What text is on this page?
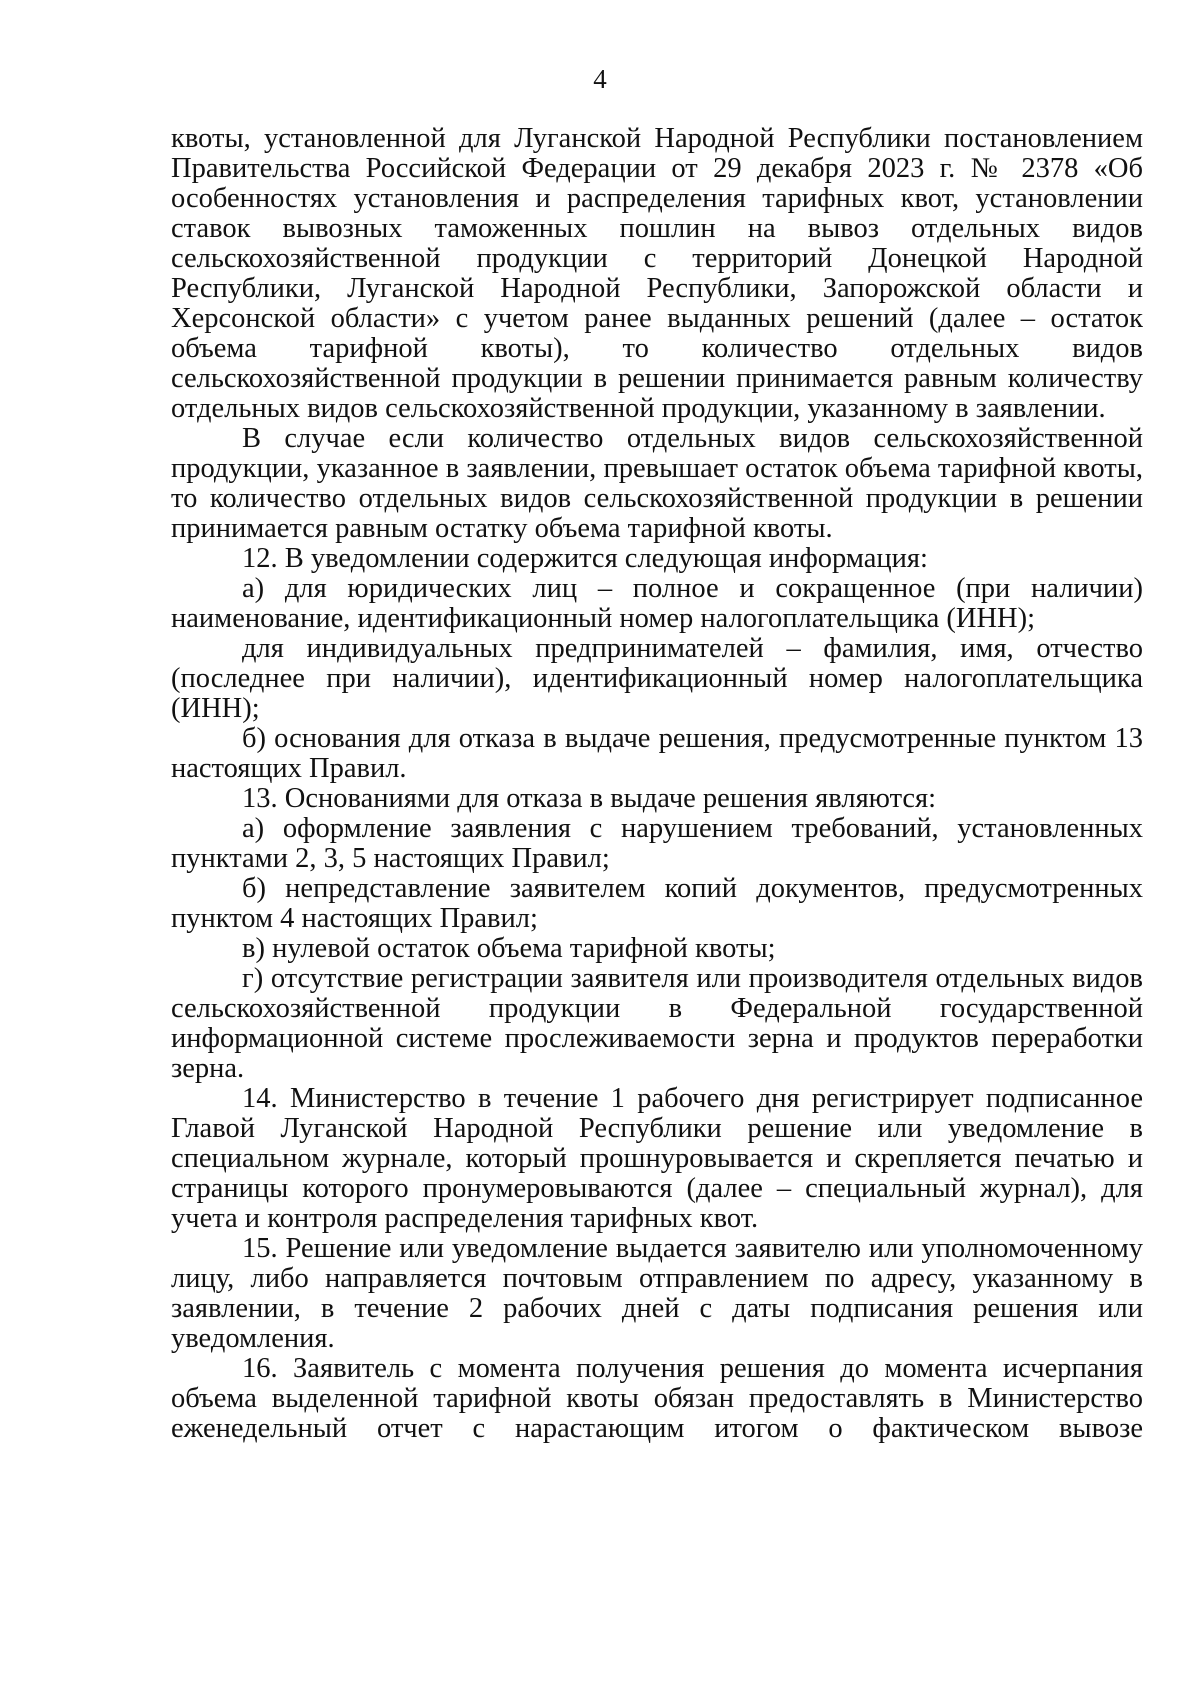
4

квоты, установленной для Луганской Народной Республики постановлением Правительства Российской Федерации от 29 декабря 2023 г. № 2378 «Об особенностях установления и распределения тарифных квот, установлении ставок вывозных таможенных пошлин на вывоз отдельных видов сельскохозяйственной продукции с территорий Донецкой Народной Республики, Луганской Народной Республики, Запорожской области и Херсонской области» с учетом ранее выданных решений (далее – остаток объема тарифной квоты), то количество отдельных видов сельскохозяйственной продукции в решении принимается равным количеству отдельных видов сельскохозяйственной продукции, указанному в заявлении.

В случае если количество отдельных видов сельскохозяйственной продукции, указанное в заявлении, превышает остаток объема тарифной квоты, то количество отдельных видов сельскохозяйственной продукции в решении принимается равным остатку объема тарифной квоты.

12. В уведомлении содержится следующая информация:

а) для юридических лиц – полное и сокращенное (при наличии) наименование, идентификационный номер налогоплательщика (ИНН);

для индивидуальных предпринимателей – фамилия, имя, отчество (последнее при наличии), идентификационный номер налогоплательщика (ИНН);

б) основания для отказа в выдаче решения, предусмотренные пунктом 13 настоящих Правил.

13. Основаниями для отказа в выдаче решения являются:

а) оформление заявления с нарушением требований, установленных пунктами 2, 3, 5 настоящих Правил;

б) непредставление заявителем копий документов, предусмотренных пунктом 4 настоящих Правил;

в) нулевой остаток объема тарифной квоты;

г) отсутствие регистрации заявителя или производителя отдельных видов сельскохозяйственной продукции в Федеральной государственной информационной системе прослеживаемости зерна и продуктов переработки зерна.

14. Министерство в течение 1 рабочего дня регистрирует подписанное Главой Луганской Народной Республики решение или уведомление в специальном журнале, который прошнуровывается и скрепляется печатью и страницы которого пронумеровываются (далее – специальный журнал), для учета и контроля распределения тарифных квот.

15. Решение или уведомление выдается заявителю или уполномоченному лицу, либо направляется почтовым отправлением по адресу, указанному в заявлении, в течение 2 рабочих дней с даты подписания решения или уведомления.

16. Заявитель с момента получения решения до момента исчерпания объема выделенной тарифной квоты обязан предоставлять в Министерство еженедельный отчет с нарастающим итогом о фактическом вывозе
